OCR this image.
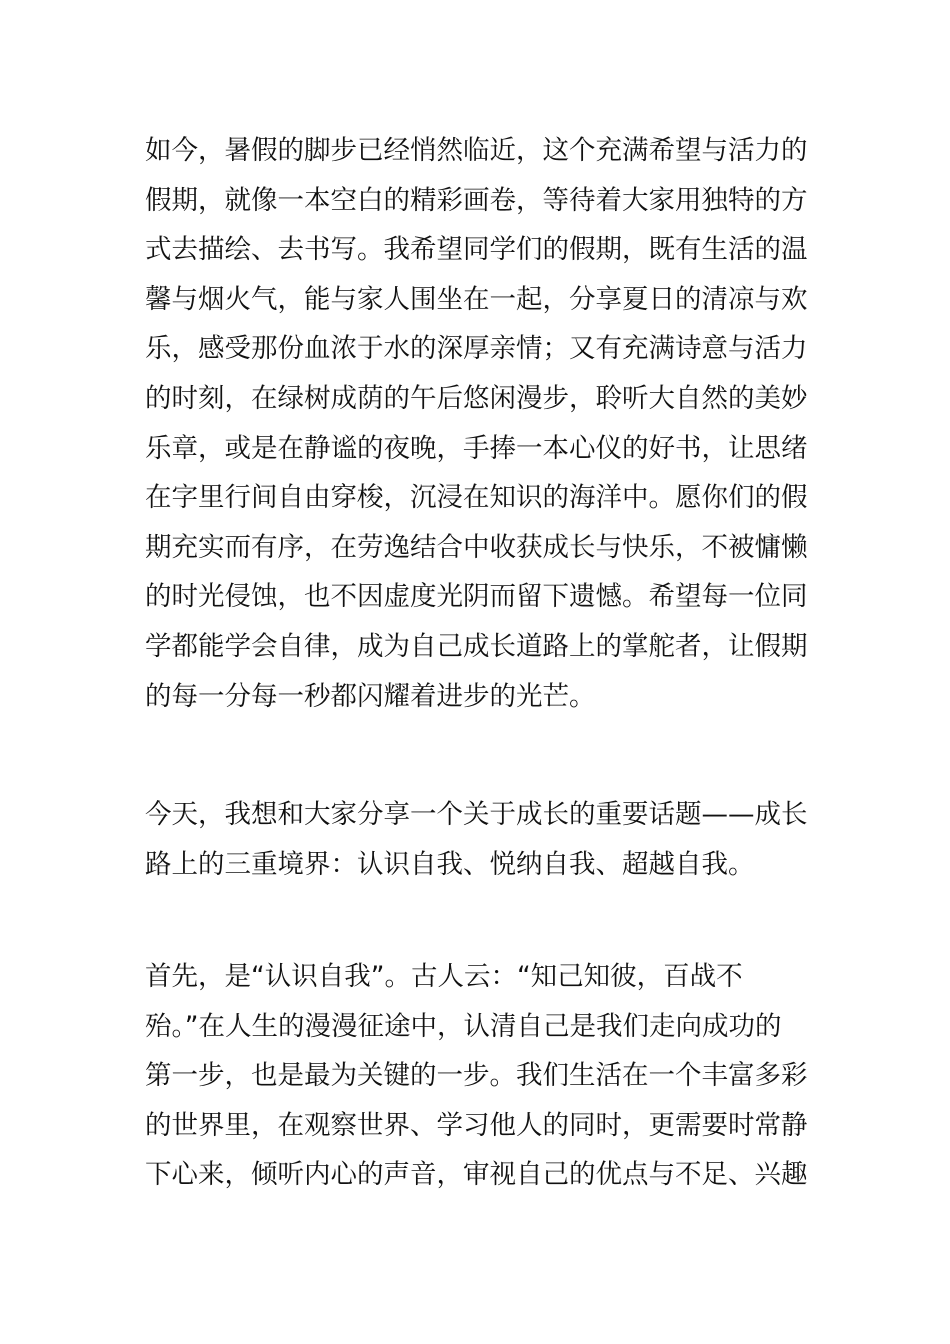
如今，暑假的脚步已经悄然临近，这个充满希望与活力的
假期，就像一本空白的精彩画卷，等待着大家用独特的方
式去描绘、去书写。我希望同学们的假期，既有生活的温
馨与烟火气，能与家人围坐在一起，分享夏日的清凉与欢
乐，感受那份血浓于水的深厚亲情；又有充满诗意与活力
的时刻，在绿树成荫的午后悠闲漫步，聆听大自然的美妙
乐章，或是在静谧的夜晚，手捧一本心仪的好书，让思绪
在字里行间自由穿梭，沉浸在知识的海洋中。愿你们的假
期充实而有序，在劳逸结合中收获成长与快乐，不被慵懒
的时光侵蚀，也不因虚度光阴而留下遗憾。希望每一位同
学都能学会自律，成为自己成长道路上的掌舵者，让假期
的每一分每一秒都闪耀着进步的光芒。

今天，我想和大家分享一个关于成长的重要话题——成长
路上的三重境界：认识自我、悦纳自我、超越自我。

首先，是“认识自我”。古人云：“知己知彼，百战不
殆。”在人生的漫漫征途中，认清自己是我们走向成功的
第一步，也是最为关键的一步。我们生活在一个丰富多彩
的世界里，在观察世界、学习他人的同时，更需要时常静
下心来，倾听内心的声音，审视自己的优点与不足、兴趣
